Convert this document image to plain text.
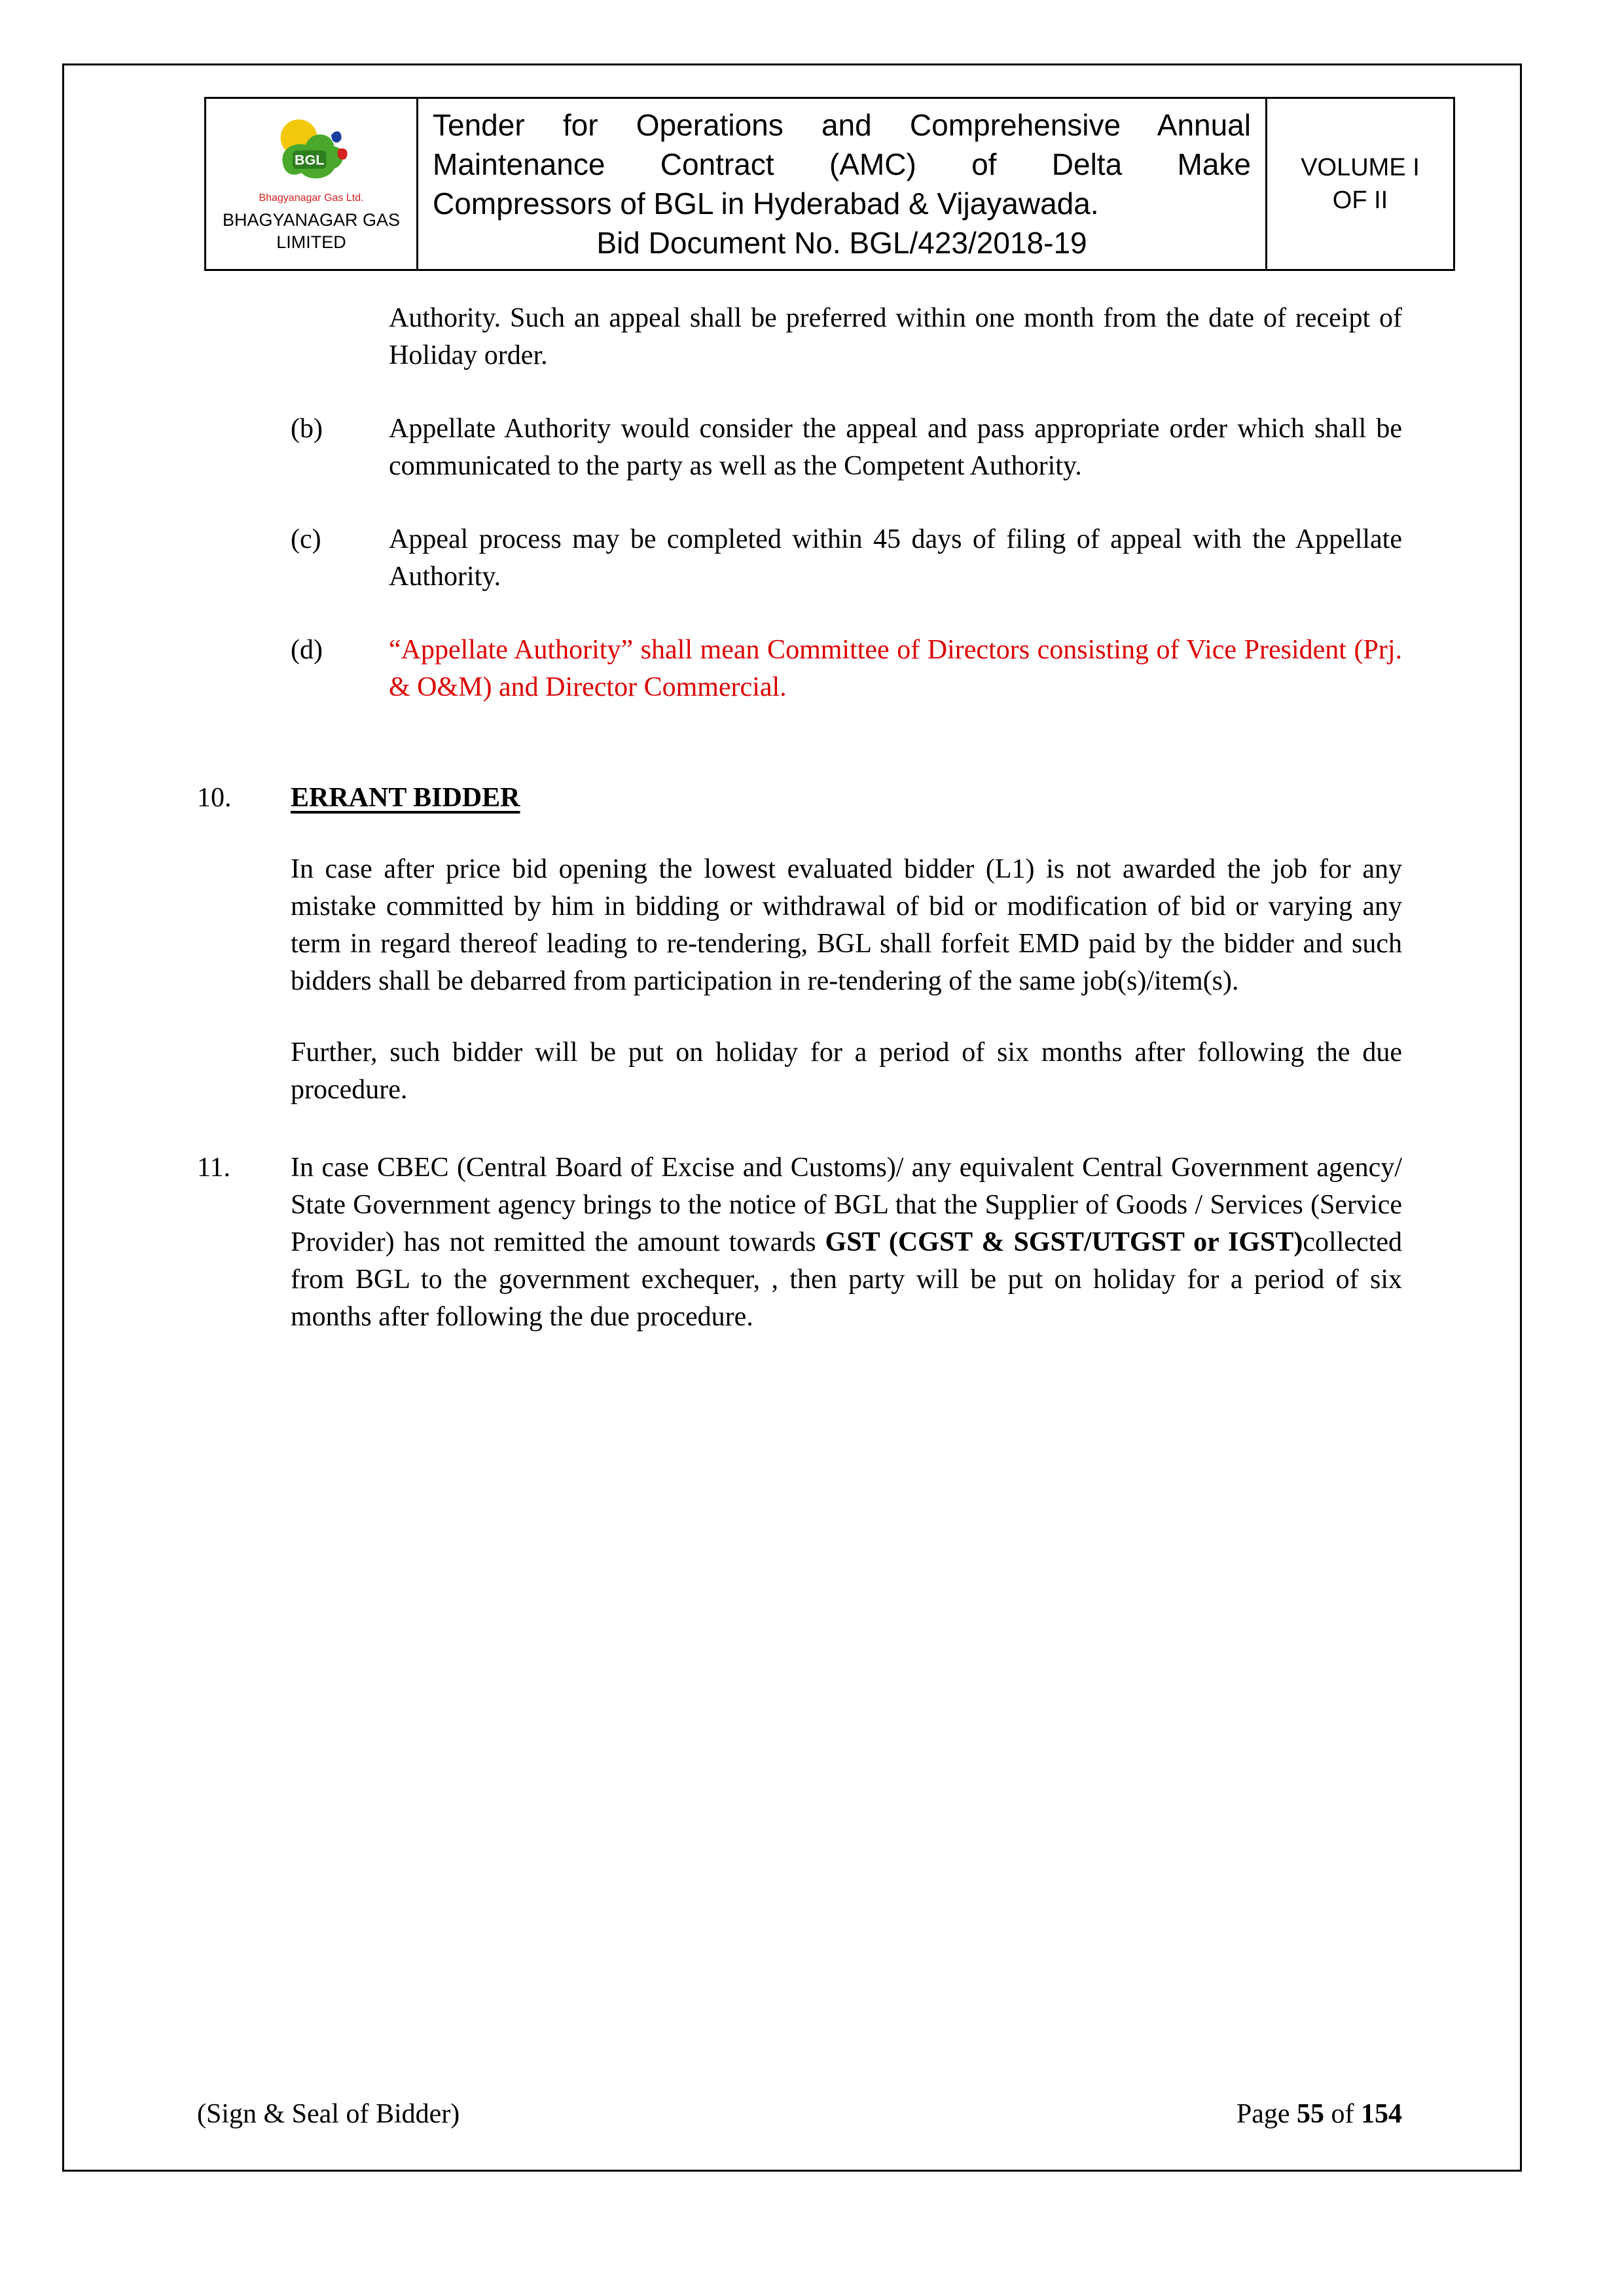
BGL
Bhagyanagar Gas Ltd.
BHAGYANAGAR GAS LIMITED

Tender for Operations and Comprehensive Annual
Maintenance Contract (AMC) of Delta Make
Compressors of BGL in Hyderabad & Vijayawada.
Bid Document No. BGL/423/2018-19

VOLUME I
OF II

Authority. Such an appeal shall be preferred within one month from the date of receipt of Holiday order.

(b)	Appellate Authority would consider the appeal and pass appropriate order which shall be communicated to the party as well as the Competent Authority.
(c)	Appeal process may be completed within 45 days of filing of appeal with the Appellate Authority.
(d)	“Appellate Authority” shall mean Committee of Directors consisting of Vice President (Prj. & O&M) and Director Commercial.
10.	ERRANT BIDDER

In case after price bid opening the lowest evaluated bidder (L1) is not awarded the job for any mistake committed by him in bidding or withdrawal of bid or modification of bid or varying any term in regard thereof leading to re-tendering, BGL shall forfeit EMD paid by the bidder and such bidders shall be debarred from participation in re-tendering of the same job(s)/item(s).

Further, such bidder will be put on holiday for a period of six months after following the due procedure.

11.	In case CBEC (Central Board of Excise and Customs)/ any equivalent Central Government agency/ State Government agency brings to the notice of BGL that the Supplier of Goods / Services (Service Provider) has not remitted the amount towards GST (CGST & SGST/UTGST or IGST)collected from BGL to the government exchequer, , then party will be put on holiday for a period of six months after following the due procedure.
(Sign & Seal of Bidder)	Page 55 of 154
